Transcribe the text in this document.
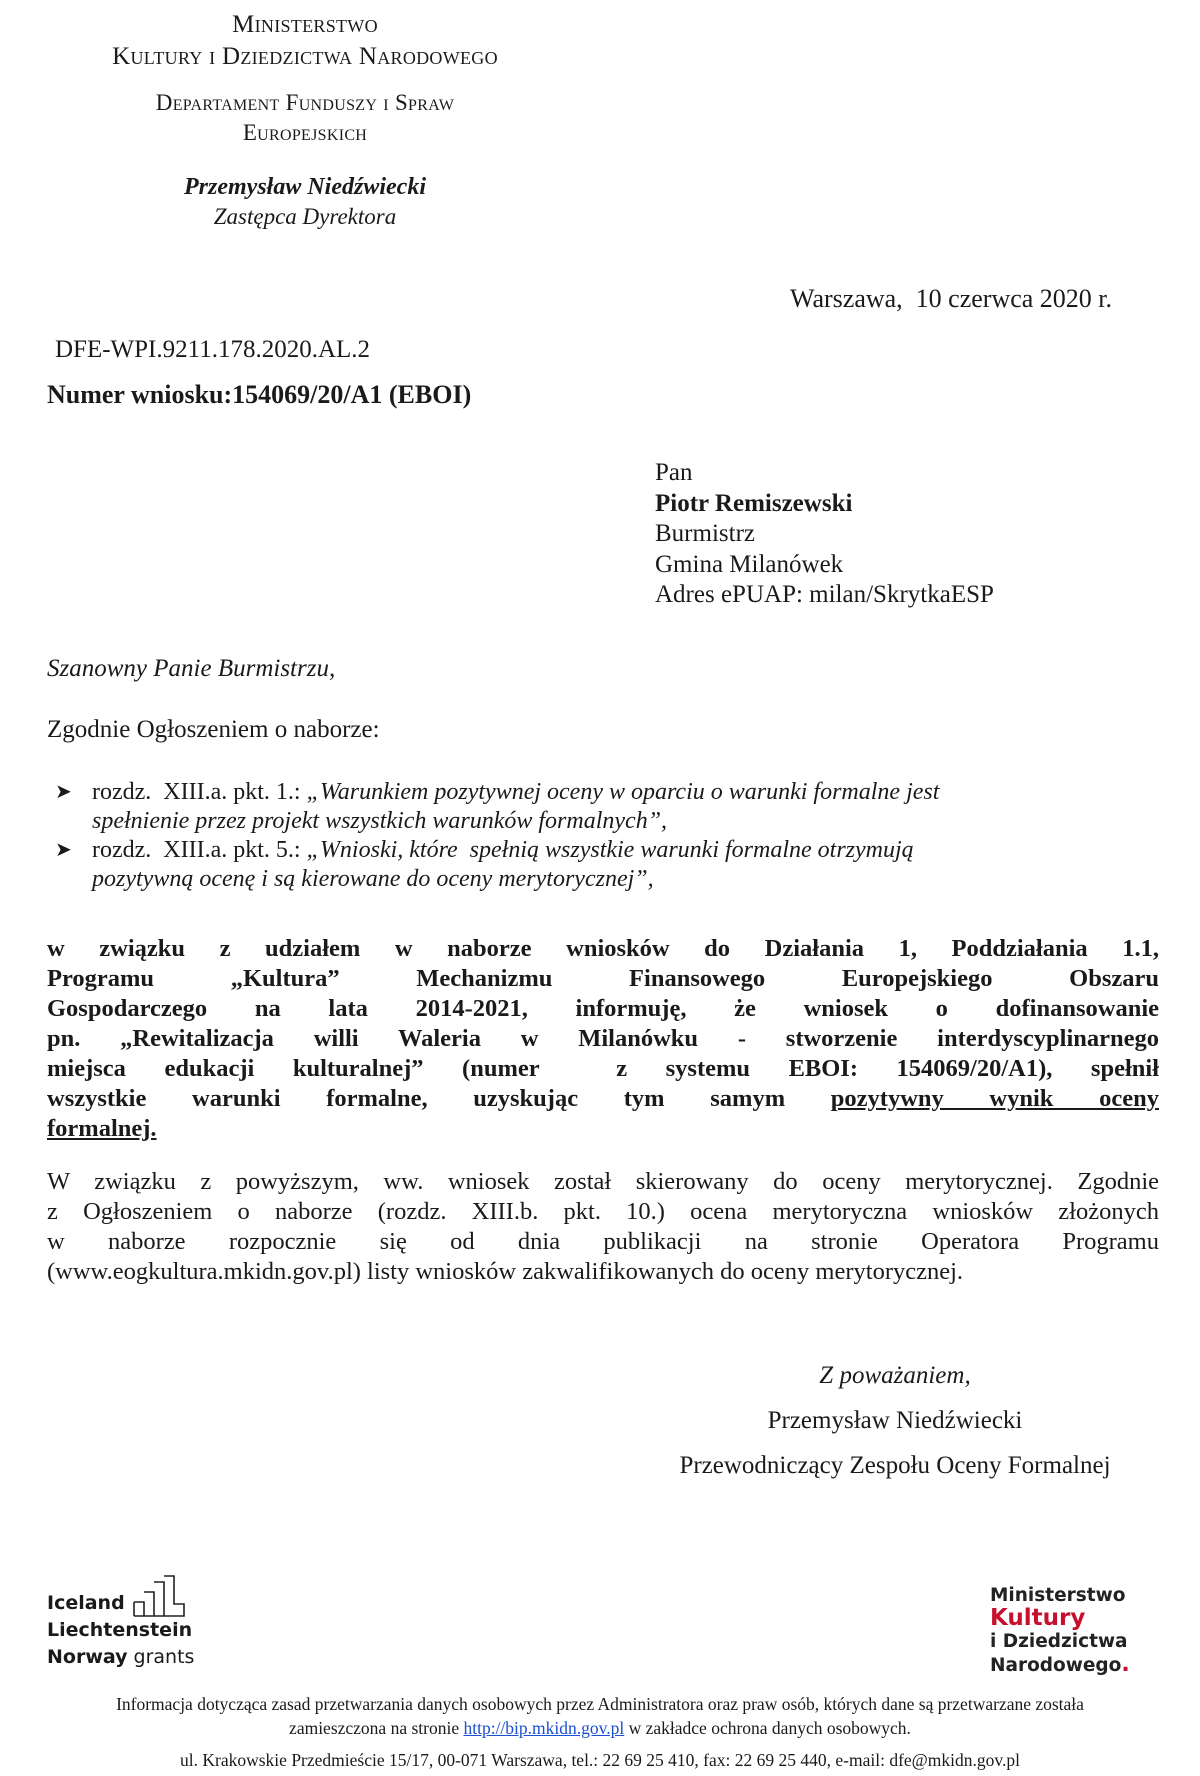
Ministerstwo
Kultury i Dziedzictwa Narodowego
Departament Funduszy i Spraw
Europejskich
Przemysław Niedźwiecki
Zastępca Dyrektora
Warszawa,  10 czerwca 2020 r.
DFE-WPI.9211.178.2020.AL.2
Numer wniosku:154069/20/A1 (EBOI)
Pan
Piotr Remiszewski
Burmistrz
Gmina Milanówek
Adres ePUAP: milan/SkrytkaESP
Szanowny Panie Burmistrzu,
Zgodnie Ogłoszeniem o naborze:
➤ rozdz.  XIII.a. pkt. 1.: „Warunkiem pozytywnej oceny w oparciu o warunki formalne jest
spełnienie przez projekt wszystkich warunków formalnych”,
➤ rozdz.  XIII.a. pkt. 5.: „Wnioski, które  spełnią wszystkie warunki formalne otrzymują
pozytywną ocenę i są kierowane do oceny merytorycznej”,
w związku z udziałem w naborze wniosków do Działania 1, Poddziałania 1.1,
Programu „Kultura” Mechanizmu Finansowego Europejskiego Obszaru
Gospodarczego na lata 2014-2021, informuję, że wniosek o dofinansowanie
pn. „Rewitalizacja willi Waleria w Milanówku - stworzenie interdyscyplinarnego
miejsca edukacji kulturalnej” (numer  z systemu EBOI: 154069/20/A1), spełnił
wszystkie warunki formalne, uzyskując tym samym pozytywny wynik oceny
formalnej.
W związku z powyższym, ww. wniosek został skierowany do oceny merytorycznej. Zgodnie
z Ogłoszeniem o naborze (rozdz. XIII.b. pkt. 10.) ocena merytoryczna wniosków złożonych
w naborze rozpocznie się od dnia publikacji na stronie Operatora Programu
(www.eogkultura.mkidn.gov.pl) listy wniosków zakwalifikowanych do oceny merytorycznej.
Z poważaniem,
Przemysław Niedźwiecki
Przewodniczący Zespołu Oceny Formalnej
Iceland
Liechtenstein
Norway grants
Ministerstwo
Kultury
i Dziedzictwa
Narodowego.
Informacja dotycząca zasad przetwarzania danych osobowych przez Administratora oraz praw osób, których dane są przetwarzane została
zamieszczona na stronie http://bip.mkidn.gov.pl w zakładce ochrona danych osobowych.
ul. Krakowskie Przedmieście 15/17, 00-071 Warszawa, tel.: 22 69 25 410, fax: 22 69 25 440, e-mail: dfe@mkidn.gov.pl
